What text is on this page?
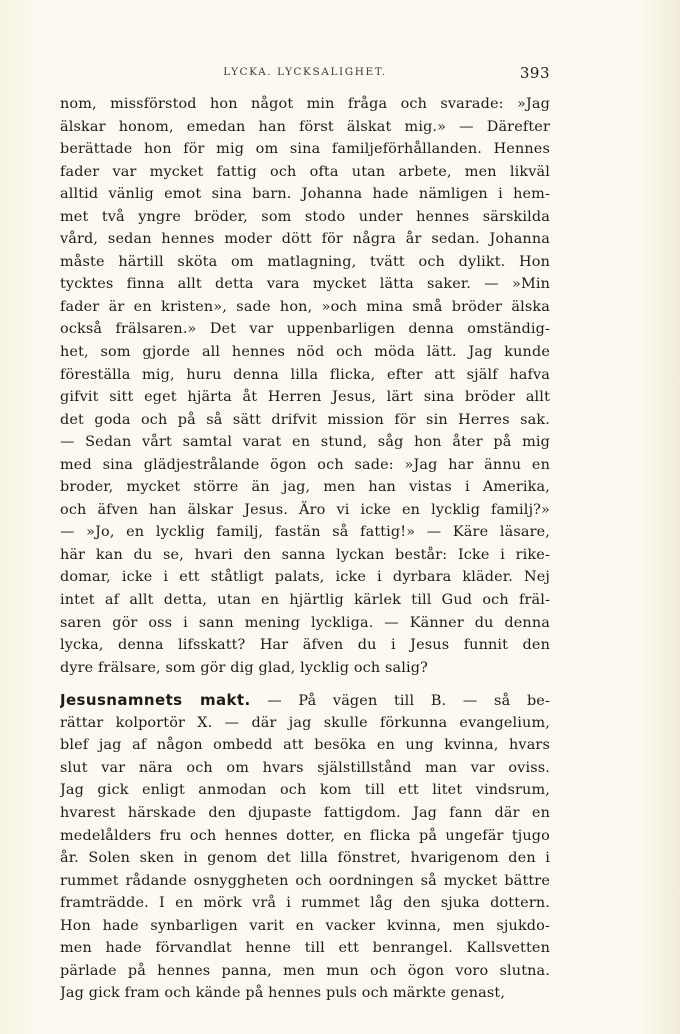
LYCKA. LYCKSALIGHET.	393
nom, missförstod hon något min fråga och svarade: »Jag
älskar honom, emedan han först älskat mig.» — Därefter
berättade hon för mig om sina familjeförhållanden. Hennes
fader var mycket fattig och ofta utan arbete, men likväl
alltid vänlig emot sina barn. Johanna hade nämligen i hem-
met två yngre bröder, som stodo under hennes särskilda
vård, sedan hennes moder dött för några år sedan. Johanna
måste härtill sköta om matlagning, tvätt och dylikt. Hon
tycktes finna allt detta vara mycket lätta saker. — »Min
fader är en kristen», sade hon, »och mina små bröder älska
också frälsaren.» Det var uppenbarligen denna omständig-
het, som gjorde all hennes nöd och möda lätt. Jag kunde
föreställa mig, huru denna lilla flicka, efter att själf hafva
gifvit sitt eget hjärta åt Herren Jesus, lärt sina bröder allt
det goda och på så sätt drifvit mission för sin Herres sak.
— Sedan vårt samtal varat en stund, såg hon åter på mig
med sina glädjestrålande ögon och sade: »Jag har ännu en
broder, mycket större än jag, men han vistas i Amerika,
och äfven han älskar Jesus. Äro vi icke en lycklig familj?»
— »Jo, en lycklig familj, fastän så fattig!» — Käre läsare,
här kan du se, hvari den sanna lyckan består: Icke i rike-
domar, icke i ett ståtligt palats, icke i dyrbara kläder. Nej
intet af allt detta, utan en hjärtlig kärlek till Gud och fräl-
saren gör oss i sann mening lyckliga. — Känner du denna
lycka, denna lifsskatt? Har äfven du i Jesus funnit den
dyre frälsare, som gör dig glad, lycklig och salig?
Jesusnamnets makt. — På vägen till B. — så be-
rättar kolportör X. — där jag skulle förkunna evangelium,
blef jag af någon ombedd att besöka en ung kvinna, hvars
slut var nära och om hvars själstillstånd man var oviss.
Jag gick enligt anmodan och kom till ett litet vindsrum,
hvarest härskade den djupaste fattigdom. Jag fann där en
medelålders fru och hennes dotter, en flicka på ungefär tjugo
år. Solen sken in genom det lilla fönstret, hvarigenom den i
rummet rådande osnyggheten och oordningen så mycket bättre
framträdde. I en mörk vrå i rummet låg den sjuka dottern.
Hon hade synbarligen varit en vacker kvinna, men sjukdo-
men hade förvandlat henne till ett benrangel. Kallsvetten
pärlade på hennes panna, men mun och ögon voro slutna.
Jag gick fram och kände på hennes puls och märkte genast,
